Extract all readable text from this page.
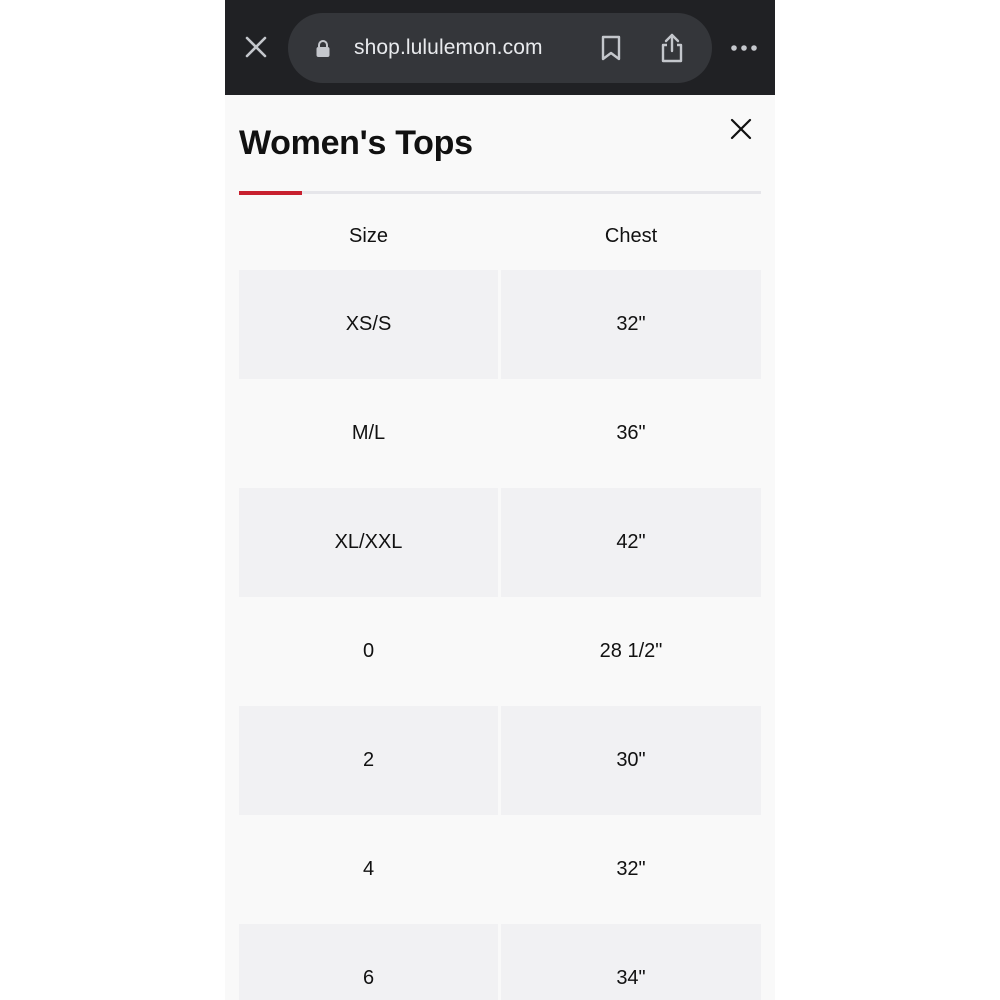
shop.lululemon.com
Women's Tops
Size	Chest
XS/S	32"
M/L	36"
XL/XXL	42"
0	28 1/2"
2	30"
4	32"
6	34"
